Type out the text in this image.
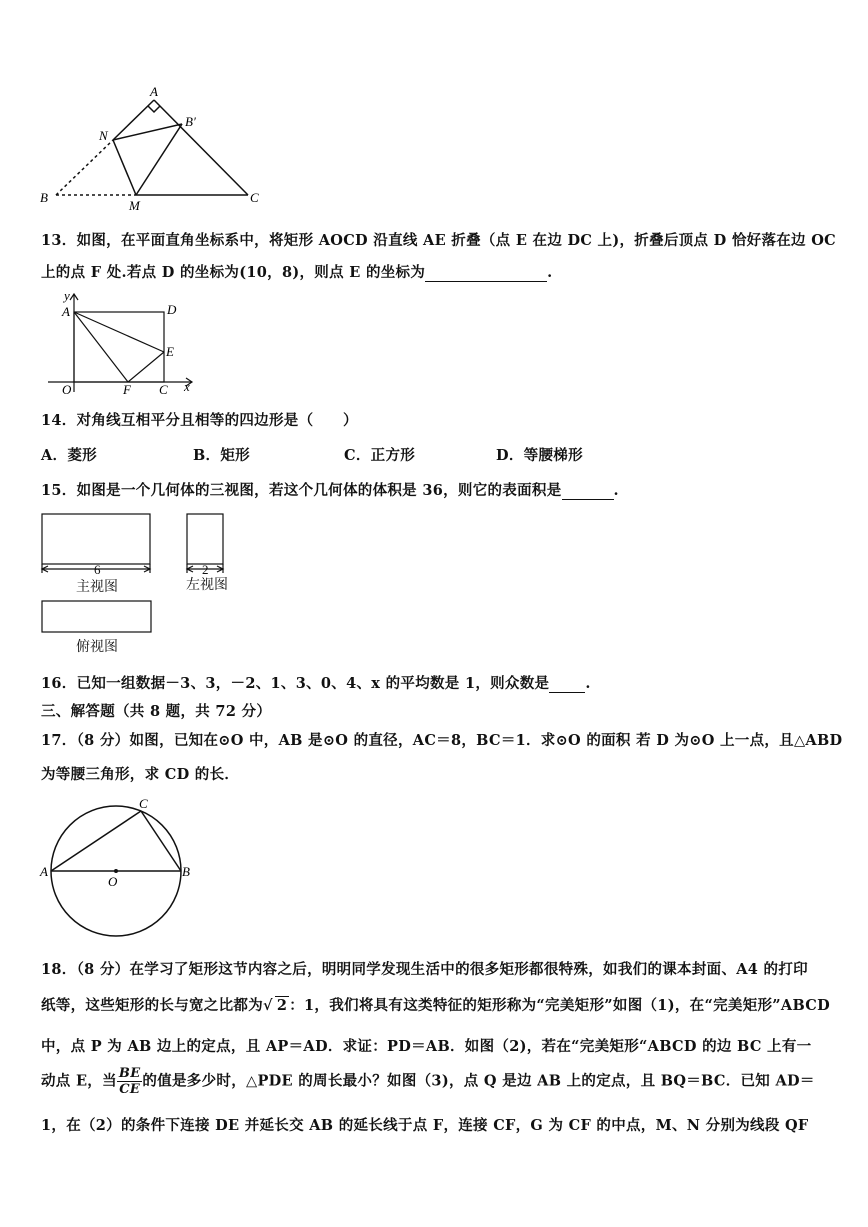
A
B′
N
B
M
C
13．如图，在平面直角坐标系中，将矩形 AOCD 沿直线 AE 折叠（点 E 在边 DC 上)，折叠后顶点 D 恰好落在边 OC
上的点 F 处.若点 D 的坐标为(10，8)，则点 E 的坐标为	.
y
A	D
E
O	F C x
14．对角线互相平分且相等的四边形是（　　）
A．菱形	B．矩形	C．正方形	D．等腰梯形
15．如图是一个几何体的三视图，若这个几何体的体积是 36，则它的表面积是	.
6	2
主视图	左视图
俯视图
16．已知一组数据－3、3，－2、1、3、0、4、x 的平均数是 1，则众数是 .
三、解答题（共 8 题，共 72 分）
17．（8 分）如图，已知在⊙O 中，AB 是⊙O 的直径，AC＝8，BC＝1．求⊙O 的面积 若 D 为⊙O 上一点，且△ABD
为等腰三角形，求 CD 的长．
C
A
O
B
18．（8 分）在学习了矩形这节内容之后，明明同学发现生活中的很多矩形都很特殊，如我们的课本封面、A4 的打印
纸等，这些矩形的长与宽之比都为√ 2 ：1，我们将具有这类特征的矩形称为“完美矩形”如图（1)，在“完美矩形”ABCD
中，点 P 为 AB 边上的定点，且 AP＝AD．求证：PD＝AB．如图（2)，若在“完美矩形“ABCD 的边 BC 上有一
动点 E，当 $\frac{BE}{CE}$ 的值是多少时，△PDE 的周长最小？如图（3)，点 Q 是边 AB 上的定点，且 BQ＝BC．已知 AD＝
1，在（2）的条件下连接 DE 并延长交 AB 的延长线于点 F，连接 CF，G 为 CF 的中点，M、N 分别为线段 QF
